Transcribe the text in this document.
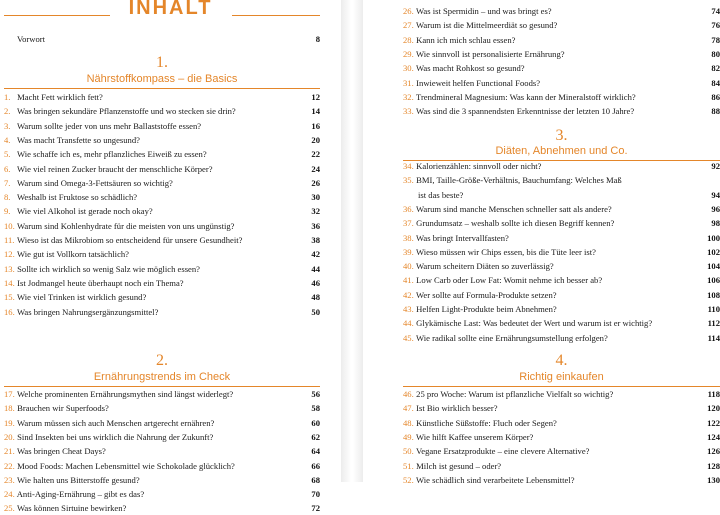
INHALT
Vorwort	8
1.
Nährstoffkompass – die Basics
1. Macht Fett wirklich fett?	12
2. Was bringen sekundäre Pflanzenstoffe und wo stecken sie drin?	14
3. Warum sollte jeder von uns mehr Ballaststoffe essen?	16
4. Was macht Transfette so ungesund?	20
5. Wie schaffe ich es, mehr pflanzliches Eiweiß zu essen?	22
6. Wie viel reinen Zucker braucht der menschliche Körper?	24
7. Warum sind Omega-3-Fettsäuren so wichtig?	26
8. Weshalb ist Fruktose so schädlich?	30
9. Wie viel Alkohol ist gerade noch okay?	32
10. Warum sind Kohlenhydrate für die meisten von uns ungünstig?	36
11. Wieso ist das Mikrobiom so entscheidend für unsere Gesundheit?	38
12. Wie gut ist Vollkorn tatsächlich?	42
13. Sollte ich wirklich so wenig Salz wie möglich essen?	44
14. Ist Jodmangel heute überhaupt noch ein Thema?	46
15. Wie viel Trinken ist wirklich gesund?	48
16. Was bringen Nahrungsergänzungsmittel?	50
2.
Ernährungstrends im Check
17. Welche prominenten Ernährungsmythen sind längst widerlegt?	56
18. Brauchen wir Superfoods?	58
19. Warum müssen sich auch Menschen artgerecht ernähren?	60
20. Sind Insekten bei uns wirklich die Nahrung der Zukunft?	62
21. Was bringen Cheat Days?	64
22. Mood Foods: Machen Lebensmittel wie Schokolade glücklich?	66
23. Wie halten uns Bitterstoffe gesund?	68
24. Anti-Aging-Ernährung – gibt es das?	70
25. Was können Sirtuine bewirken?	72
26. Was ist Spermidin – und was bringt es?	74
27. Warum ist die Mittelmeerdiät so gesund?	76
28. Kann ich mich schlau essen?	78
29. Wie sinnvoll ist personalisierte Ernährung?	80
30. Was macht Rohkost so gesund?	82
31. Inwieweit helfen Functional Foods?	84
32. Trendmineral Magnesium: Was kann der Mineralstoff wirklich?	86
33. Was sind die 3 spannendsten Erkenntnisse der letzten 10 Jahre?	88
3.
Diäten, Abnehmen und Co.
34. Kalorienzählen: sinnvoll oder nicht?	92
35. BMI, Taille-Größe-Verhältnis, Bauchumfang: Welches Maß
ist das beste?	94
36. Warum sind manche Menschen schneller satt als andere?	96
37. Grundumsatz – weshalb sollte ich diesen Begriff kennen?	98
38. Was bringt Intervallfasten?	100
39. Wieso müssen wir Chips essen, bis die Tüte leer ist?	102
40. Warum scheitern Diäten so zuverlässig?	104
41. Low Carb oder Low Fat: Womit nehme ich besser ab?	106
42. Wer sollte auf Formula-Produkte setzen?	108
43. Helfen Light-Produkte beim Abnehmen?	110
44. Glykämische Last: Was bedeutet der Wert und warum ist er wichtig?	112
45. Wie radikal sollte eine Ernährungsumstellung erfolgen?	114
4.
Richtig einkaufen
46. 25 pro Woche: Warum ist pflanzliche Vielfalt so wichtig?	118
47. Ist Bio wirklich besser?	120
48. Künstliche Süßstoffe: Fluch oder Segen?	122
49. Wie hilft Kaffee unserem Körper?	124
50. Vegane Ersatzprodukte – eine clevere Alternative?	126
51. Milch ist gesund – oder?	128
52. Wie schädlich sind verarbeitete Lebensmittel?	130
